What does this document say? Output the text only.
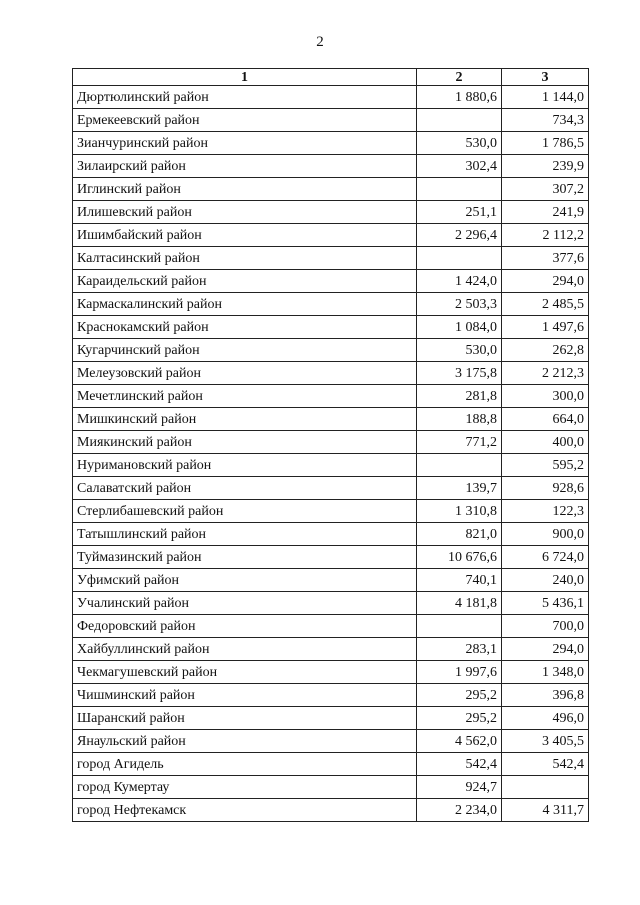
2
1	2	3
Дюртюлинский район	1 880,6	1 144,0
Ермекеевский район		734,3
Зианчуринский район	530,0	1 786,5
Зилаирский район	302,4	239,9
Иглинский район		307,2
Илишевский район	251,1	241,9
Ишимбайский район	2 296,4	2 112,2
Калтасинский район		377,6
Караидельский район	1 424,0	294,0
Кармаскалинский район	2 503,3	2 485,5
Краснокамский район	1 084,0	1 497,6
Кугарчинский район	530,0	262,8
Мелеузовский район	3 175,8	2 212,3
Мечетлинский район	281,8	300,0
Мишкинский район	188,8	664,0
Миякинский район	771,2	400,0
Нуримановский район		595,2
Салаватский район	139,7	928,6
Стерлибашевский район	1 310,8	122,3
Татышлинский район	821,0	900,0
Туймазинский район	10 676,6	6 724,0
Уфимский район	740,1	240,0
Учалинский район	4 181,8	5 436,1
Федоровский район		700,0
Хайбуллинский район	283,1	294,0
Чекмагушевский район	1 997,6	1 348,0
Чишминский район	295,2	396,8
Шаранский район	295,2	496,0
Янаульский район	4 562,0	3 405,5
город Агидель	542,4	542,4
город Кумертау	924,7	
город Нефтекамск	2 234,0	4 311,7
